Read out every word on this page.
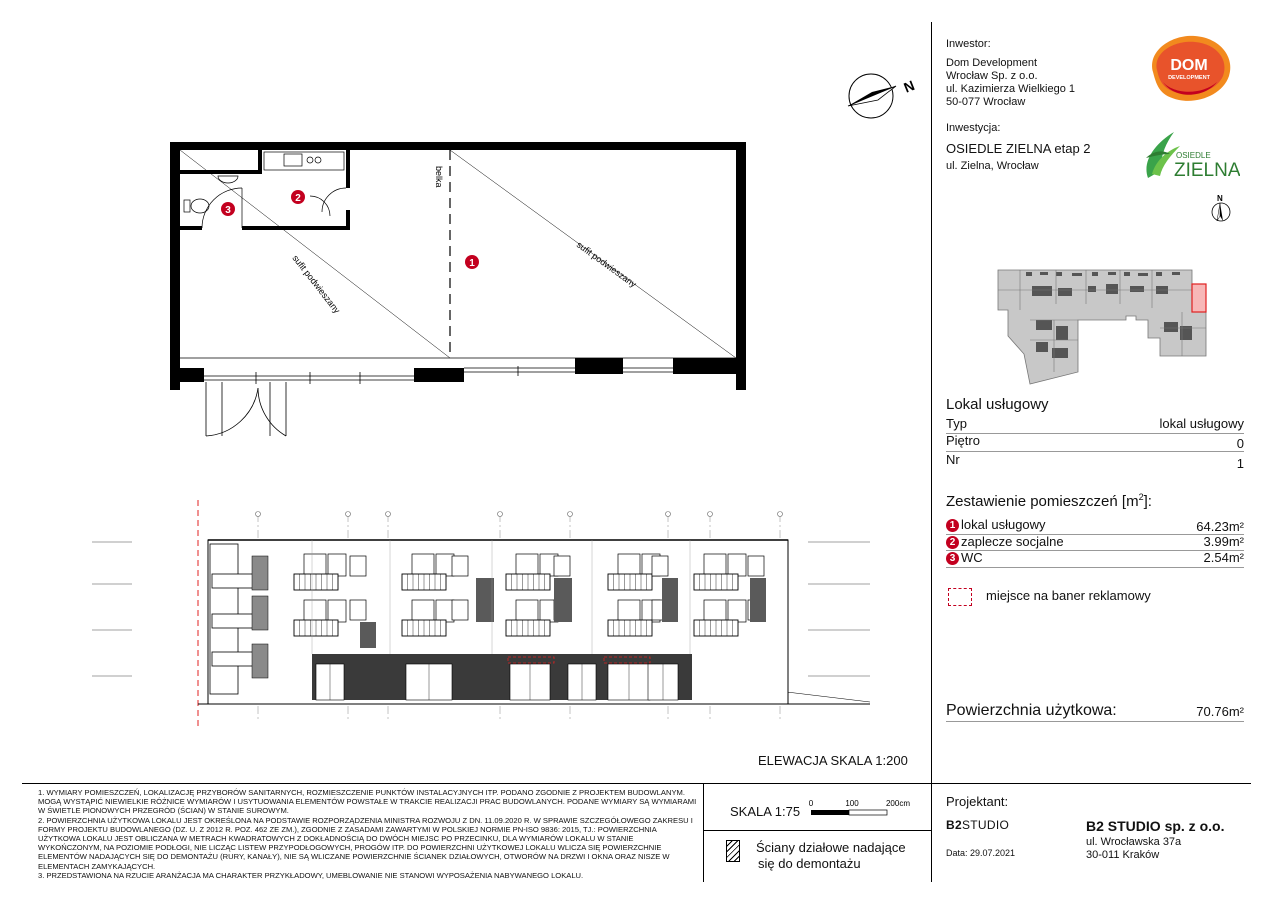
Inwestor:
Dom Development
Wrocław Sp. z o.o.
ul. Kazimierza Wielkiego 1
50-077 Wrocław
Inwestycja:
OSIEDLE ZIELNA etap 2
ul. Zielna, Wrocław
DOM
DEVELOPMENT
OSIEDLE
ZIELNA
N
Lokal usługowy
Typ	lokal usługowy
Piętro	0
Nr	1
Zestawienie pomieszczeń $[m^2]$:
1 lokal usługowy	64.23m²
2 zaplecze socjalne	3.99m²
3 WC	2.54m²
miejsce na baner reklamowy
Powierzchnia użytkowa:	70.76m²
N
belka
sufit podwieszany	sufit podwieszany
1
2
3
ELEWACJA SKALA 1:200

1. WYMIARY POMIESZCZEŃ, LOKALIZACJĘ PRZYBORÓW SANITARNYCH, ROZMIESZCZENIE PUNKTÓW INSTALACYJNYCH ITP. PODANO ZGODNIE Z PROJEKTEM BUDOWLANYM. MOGĄ WYSTĄPIĆ NIEWIELKIE RÓŻNICE WYMIARÓW I USYTUOWANIA ELEMENTÓW POWSTAŁE W TRAKCIE REALIZACJI PRAC BUDOWLANYCH. PODANE WYMIARY SĄ WYMIARAMI W ŚWIETLE PIONOWYCH PRZEGRÓD (ŚCIAN) W STANIE SUROWYM.

2. POWIERZCHNIA UŻYTKOWA LOKALU JEST OKREŚLONA NA PODSTAWIE ROZPORZĄDZENIA MINISTRA ROZWOJU Z DN. 11.09.2020 R. W SPRAWIE SZCZEGÓŁOWEGO ZAKRESU I FORMY PROJEKTU BUDOWLANEGO (DZ. U. Z 2012 R. POZ. 462 ZE ZM.), ZGODNIE Z ZASADAMI ZAWARTYMI W POLSKIEJ NORMIE PN-ISO 9836: 2015, TJ.: POWIERZCHNIA UŻYTKOWA LOKALU JEST OBLICZANA W METRACH KWADRATOWYCH Z DOKŁADNOŚCIĄ DO DWÓCH MIEJSC PO PRZECINKU, DLA WYMIARÓW LOKALU W STANIE WYKOŃCZONYM, NA POZIOMIE PODŁOGI, NIE LICZĄC LISTEW PRZYPODŁOGOWYCH, PROGÓW ITP. DO POWIERZCHNI UŻYTKOWEJ LOKALU WLICZA SIĘ POWIERZCHNIE ELEMENTÓW NADAJĄCYCH SIĘ DO DEMONTAŻU (RURY, KANAŁY), NIE SĄ WLICZANE POWIERZCHNIE ŚCIANEK DZIAŁOWYCH, OTWORÓW NA DRZWI I OKNA ORAZ NISZE W ELEMENTACH ZAMYKAJĄCYCH.

3. PRZEDSTAWIONA NA RZUCIE ARANŻACJA MA CHARAKTER PRZYKŁADOWY, UMEBLOWANIE NIE STANOWI WYPOSAŻENIA NABYWANEGO LOKALU.

SKALA 1:75
0	100	200cm
Ściany działowe nadające
się do demontażu
Projektant:
B2STUDIO
Data: 29.07.2021
B2 STUDIO sp. z o.o.
ul. Wrocławska 37a
30-011 Kraków
